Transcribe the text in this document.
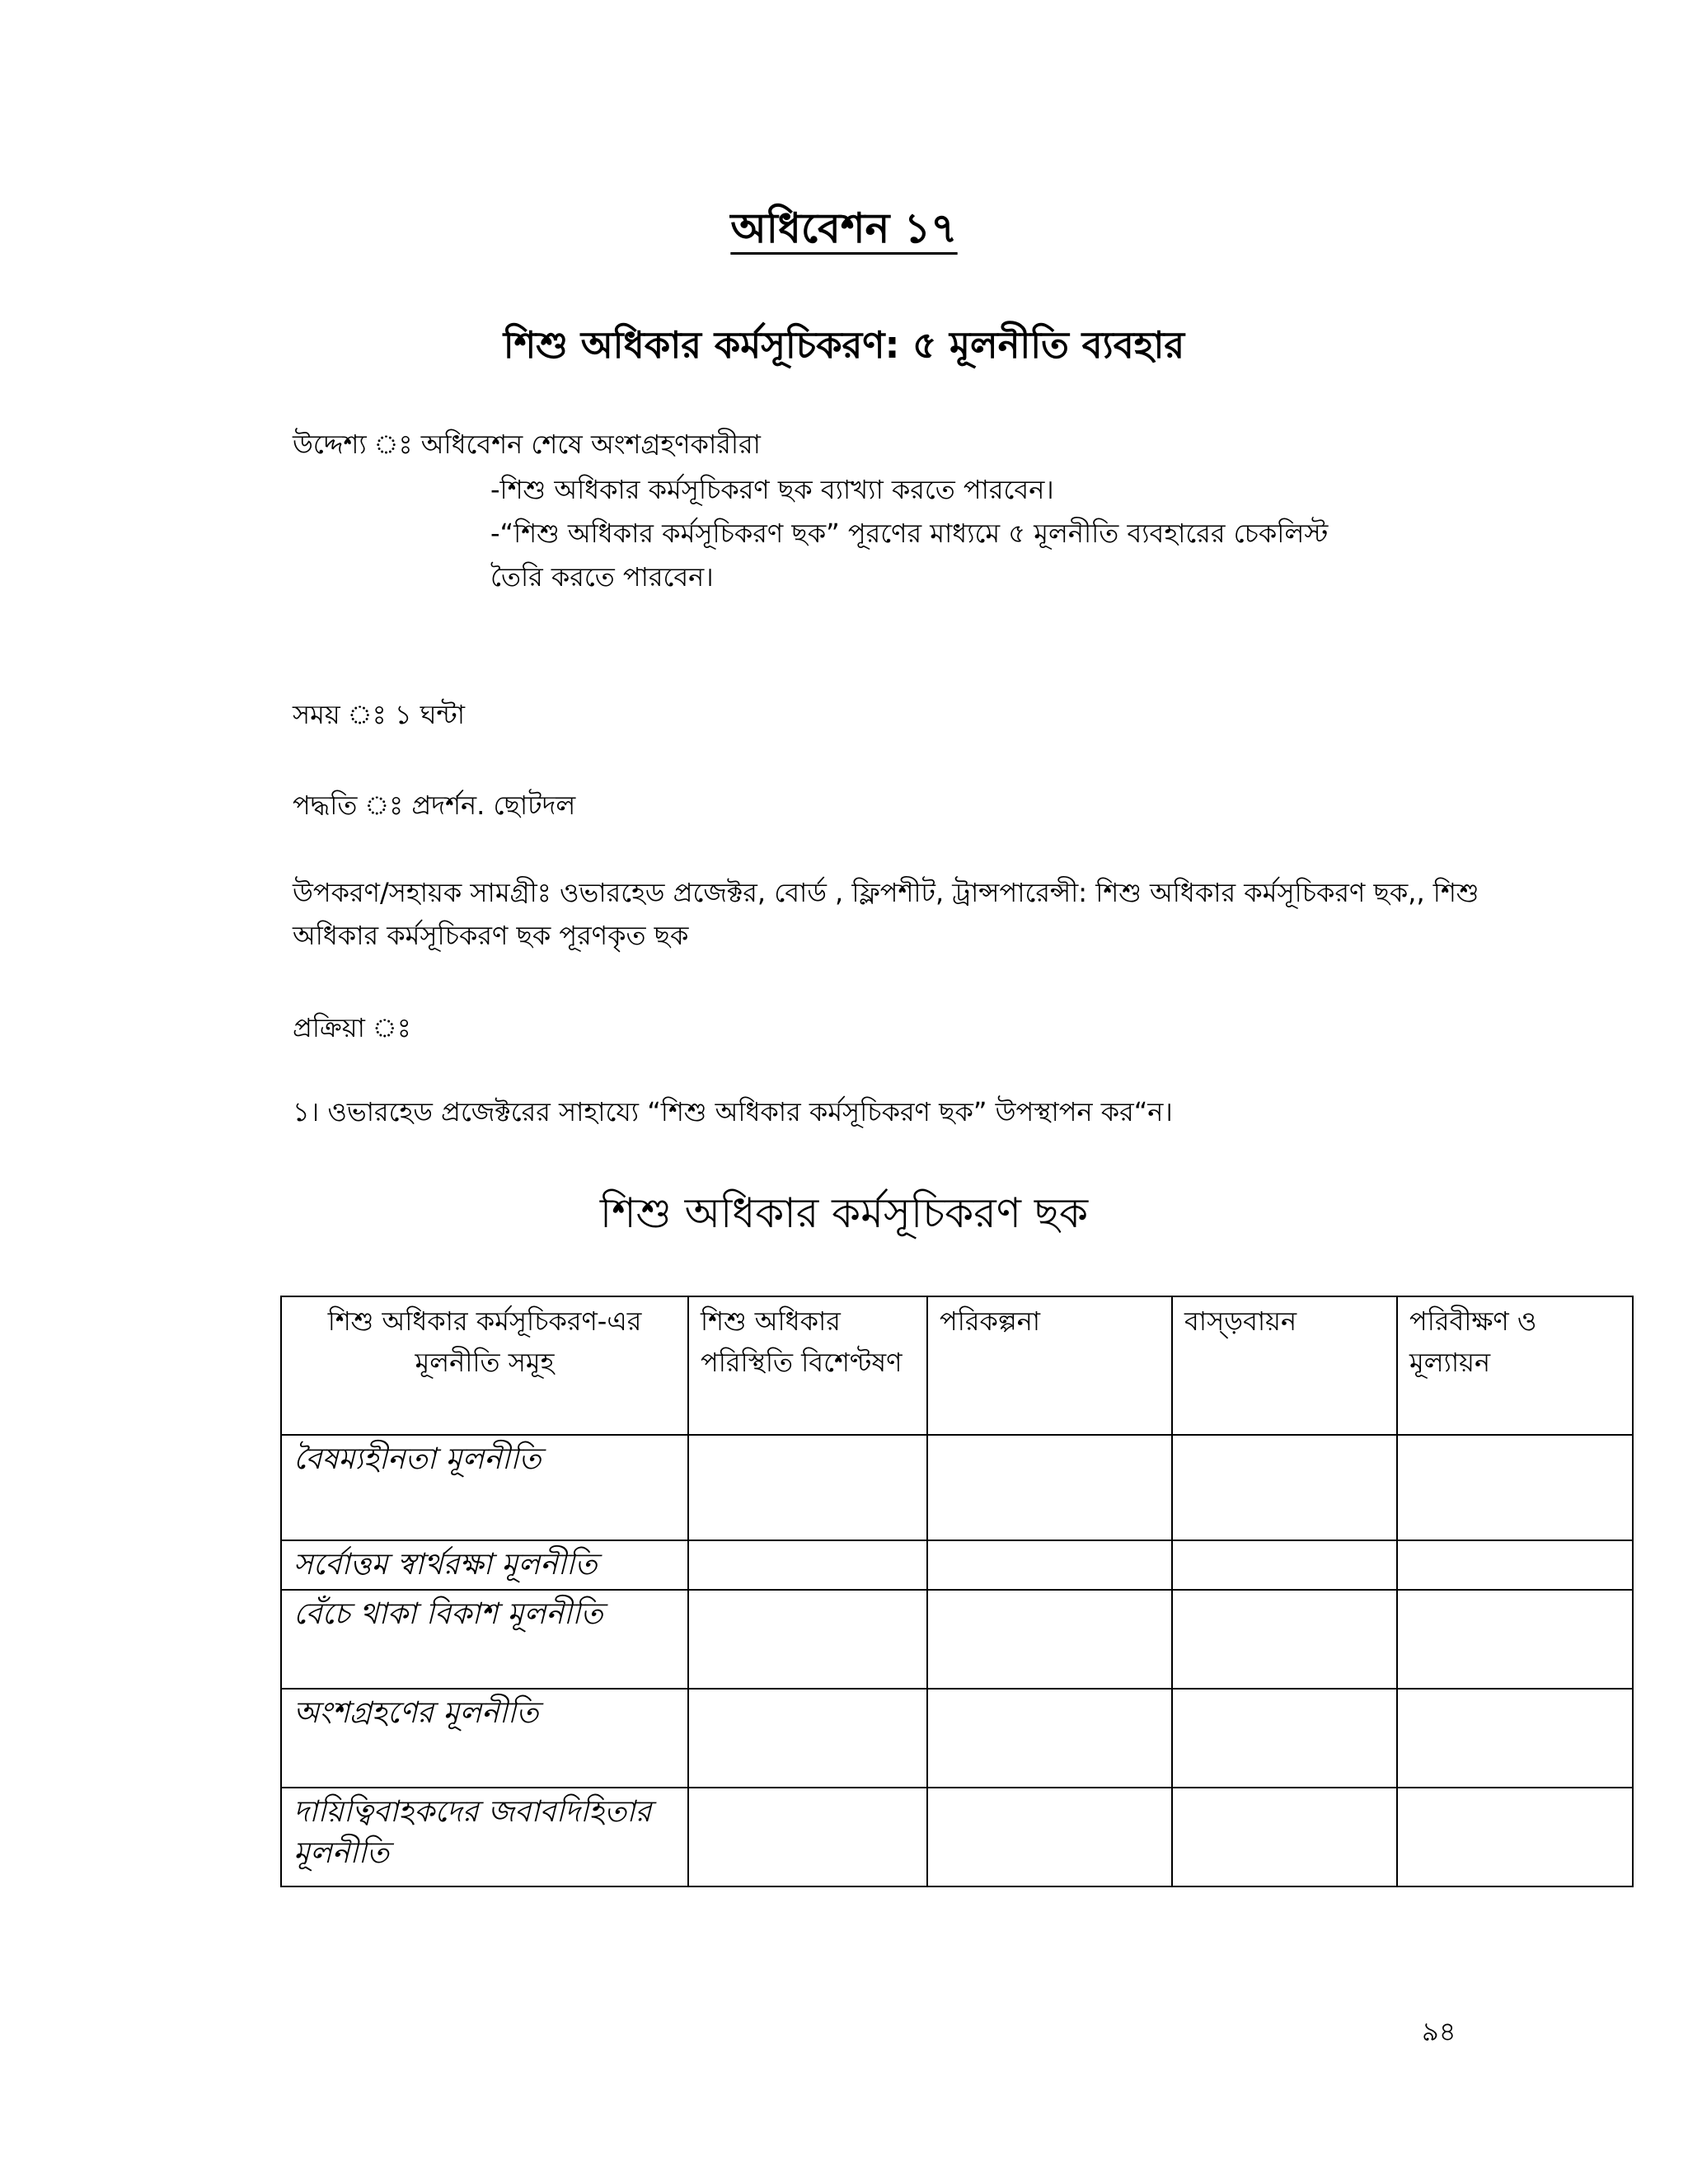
অধিবেশন ১৭
শিশু অধিকার কর্মসূচিকরণ: ৫ মূলনীতি ব্যবহার
উদ্দেশ্য ঃ অধিবেশন শেষে অংশগ্রহণকারীরা
-শিশু অধিকার কর্মসূচিকরণ ছক ব্যাখ্যা করতে পারবেন।
-“শিশু অধিকার কর্মসূচিকরণ ছক” পূরণের মাধ্যমে ৫ মূলনীতি ব্যবহারের চেকলিস্ট
তৈরি করতে পারবেন।
সময় ঃ ১ ঘন্টা
পদ্ধতি ঃ প্রদর্শন. ছোটদল
উপকরণ/সহায়ক সামগ্রীঃ ওভারহেড প্রজেক্টর, বোর্ড , ফ্লিপশীট, ট্রান্সপারেন্সী: শিশু অধিকার কর্মসূচিকরণ ছক,, শিশু অধিকার কর্মসূচিকরণ ছক পূরণকৃত ছক
প্রক্রিয়া ঃ
১। ওভারহেড প্রজেক্টরের সাহায্যে “শিশু অধিকার কর্মসূচিকরণ ছক” উপস্থাপন কর“ন।
শিশু অধিকার কর্মসূচিকরণ ছক
শিশু অধিকার কর্মসূচিকরণ-এর মূলনীতি সমূহ	শিশু অধিকার পরিস্থিতি বিশেণ্টষণ	পরিকল্পনা	বাস্ড়বায়ন	পরিবীক্ষণ ও মূল্যায়ন
বৈষম্যহীনতা মূলনীতি				
সর্বোত্তম স্বার্থরক্ষা মূলনীতি				
বেঁচে থাকা বিকাশ মূলনীতি				
অংশগ্রহণের মূলনীতি				
দায়িত্বিবাহকদের জবাবদিহিতার মূলনীতি				
৯৪
